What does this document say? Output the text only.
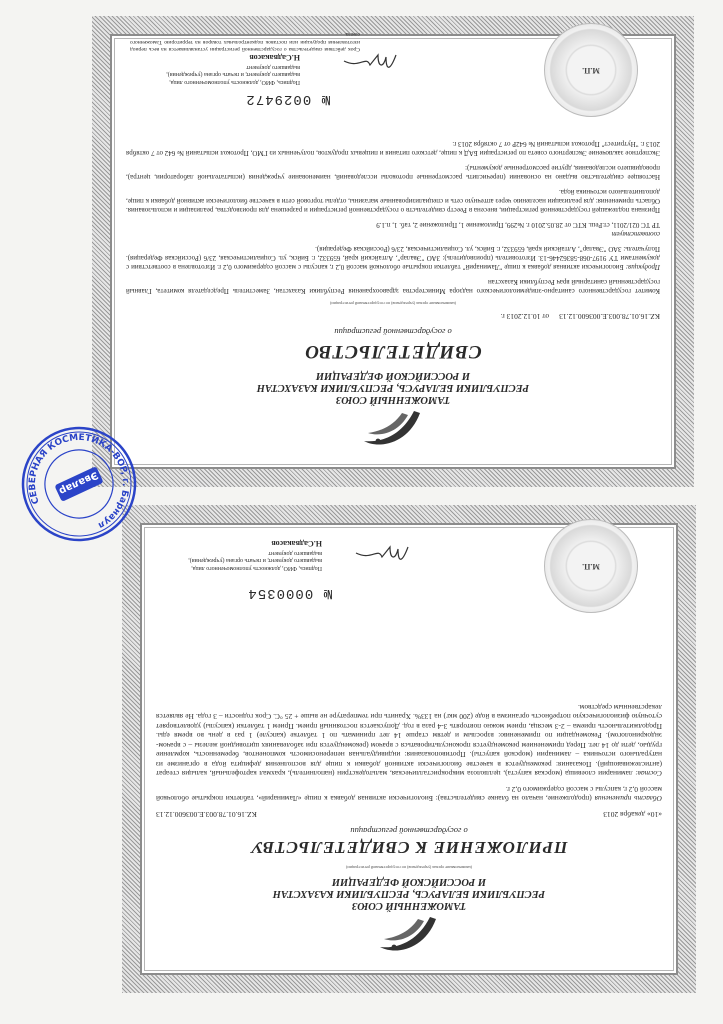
ТАМОЖЕННЫЙ СОЮЗ
РЕСПУБЛИКИ БЕЛАРУСЬ, РЕСПУБЛИКИ КАЗАХСТАН
И РОССИЙСКОЙ ФЕДЕРАЦИИ
СВИДЕТЕЛЬСТВО
о государственной регистрации
KZ.16.01.78.003.E.003600.12.13
от 10.12.2013 г.
(наименование органа (учреждения) по государственной регистрации)
Комитет государственного санитарно-эпидемиологического надзора Министерства здравоохранения Республики Казахстан, Заместитель Председателя комитета, Главный государственный санитарный врач Республики Казахстан
Продукция: Биологически активная добавка к пище "Ламинарий" таблетки покрытые оболочкой массой 0,2 г, капсулы с массой содержимого 0,2 г. Изготовлена в соответствии с документами ТУ 9197-068-58362446-13. Изготовитель (производитель): ЗАО "Эвалар", Алтайский край, 659332, г. Бийск, ул. Социалистическая, 23/6 (Российская Федерация). Получатель: ЗАО "Эвалар", Алтайский край, 659332, г. Бийск, ул. Социалистическая, 23/6 (Российская Федерация).
соответствует
ТР ТС 021/2011, ст.Реш. КТС от 28.05.2010 г. №299, Приложение 1, Приложение 2, таб. 1, п.1.9
Признана подлежащей государственной регистрации, внесена в Реестр свидетельств о государственной регистрации и разрешена для производства, реализации и использования. Область применения: для реализации населению через аптечную сеть и специализированные магазины, отделы торговой сети в качестве биологически активной добавки к пище, дополнительного источника йода.
Настоящее свидетельство выдано на основании (перечислить рассмотренные протоколы исследований, наименование учреждения (испытательной лаборатории, центра), проводившего исследования, другие рассмотренные документы):
Экспертное заключение Экспертного совета по регистрации БАД к пище, детского питания и пищевых продуктов, полученных из ГМО, Протокол испытаний № 642 от 7 октября 2013 г. "Нутритест" Протокол испытаний № 642Р от 7 октября 2013 г.
№ 0029472
М.П.
Подпись, ФИО, должность уполномоченного лица, выдавшего документ, и печать органа (учреждения), выдавшего документ
Н.Садвакасов
Срок действия свидетельства о государственной регистрации устанавливается на весь период изготовления продукции или поставок подконтрольных товаров на территорию Таможенного союза.
ТАМОЖЕННЫЙ СОЮЗ
РЕСПУБЛИКИ БЕЛАРУСЬ, РЕСПУБЛИКИ КАЗАХСТАН
И РОССИЙСКОЙ ФЕДЕРАЦИИ
(наименование органа (учреждения) по государственной регистрации)
ПРИЛОЖЕНИЕ К СВИДЕТЕЛЬСТВУ
о государственной регистрации
«10» декабря 2013
KZ.16.01.78.003.E.003600.12.13
Область применения (продолжение, начало на бланке свидетельства): Биологически активная добавка к пище «Ламинарий», таблетки покрытые оболочкой массой 0,2 г, капсулы с массой содержимого 0,2 г.
Состав: ламинарии слоевища (морская капуста), целлюлоза микрокристаллическая, мальтодекстрин (наполнитель), крахмал картофельный, кальция стеарат (антислеживающий). Показания: рекомендуется в качестве биологически активной добавки к пище для восполнения дефицита йода в организме из натурального источника – ламинарии (морской капусты). Противопоказания: индивидуальная непереносимость компонентов, беременность, кормление грудью, дети до 14 лет. Перед применением рекомендуется проконсультироваться с врачом (рекомендуется при заболеваниях щитовидной железы – с врачом-эндокринологом). Рекомендации по применению: взрослым и детям старше 14 лет принимать по 1 таблетке (капсуле) 1 раз в день во время еды. Продолжительность приема – 2-3 месяца, прием можно повторять 3-4 раза в год. Допускается постоянный прием. Прием 1 таблетки (капсулы) удовлетворяет суточную физиологическую потребность организма в йоде (200 мкг) на 133%. Хранить при температуре не выше + 25 °С. Срок годности – 3 года. Не является лекарственным средством.
№ 0000354
М.П.
Подпись, ФИО, должность уполномоченного лица, выдавшего документ, и печать органа (учреждения), выдавшего документ
Н.Садвакасов
СЕВЕРНАЯ КОСМЕТИКА-BOP, г. Барнаул
Эвалар
